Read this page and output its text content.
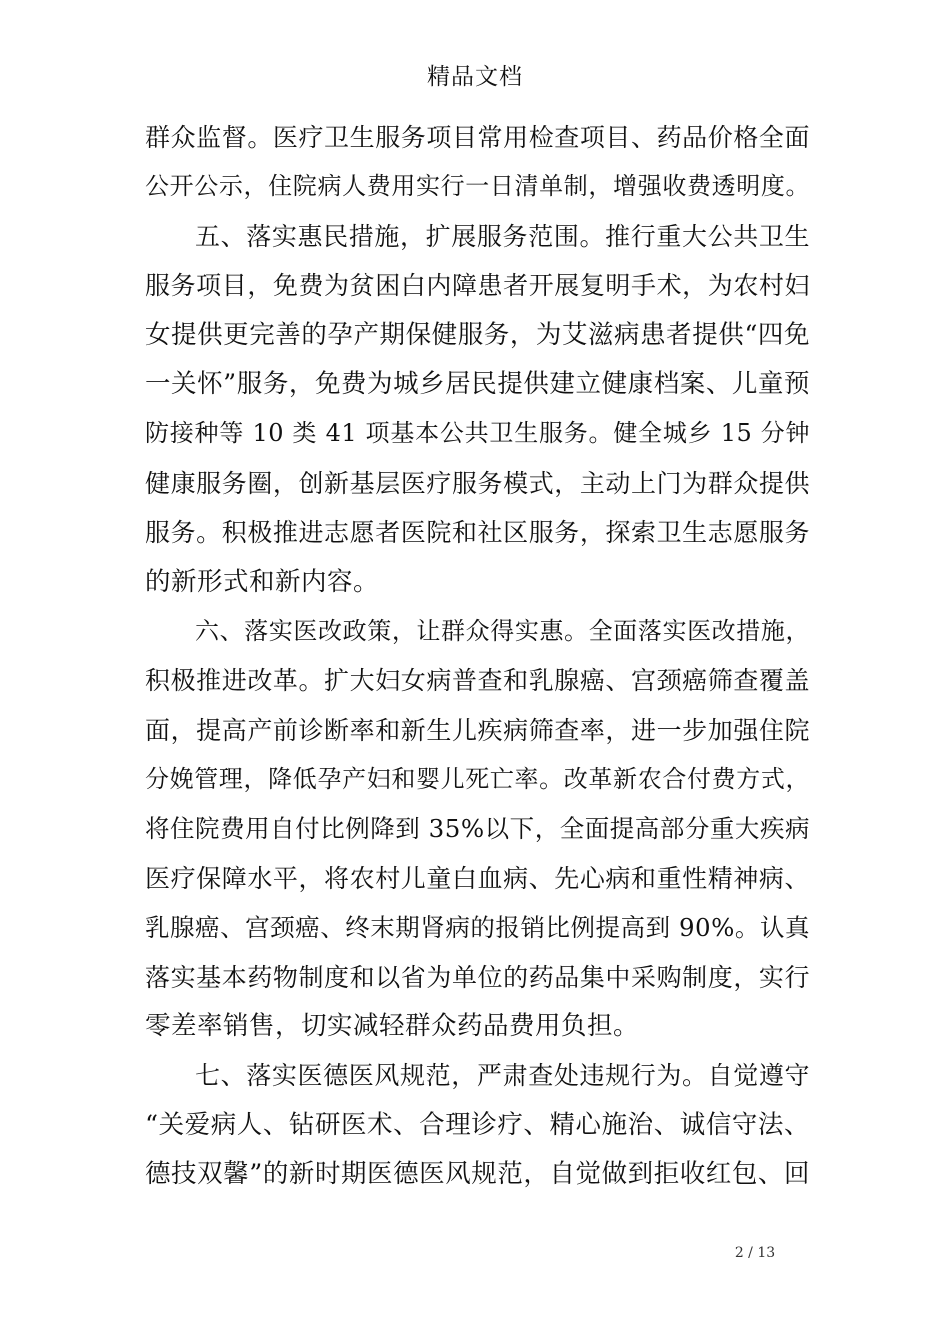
精品文档
群众监督。医疗卫生服务项目常用检查项目、药品价格全面
公开公示，住院病人费用实行一日清单制，增强收费透明度。
五、落实惠民措施，扩展服务范围。推行重大公共卫生
服务项目，免费为贫困白内障患者开展复明手术，为农村妇
女提供更完善的孕产期保健服务，为艾滋病患者提供“四免
一关怀”服务，免费为城乡居民提供建立健康档案、儿童预
防接种等 10 类 41 项基本公共卫生服务。健全城乡 15 分钟
健康服务圈，创新基层医疗服务模式，主动上门为群众提供
服务。积极推进志愿者医院和社区服务，探索卫生志愿服务
的新形式和新内容。
六、落实医改政策，让群众得实惠。全面落实医改措施，
积极推进改革。扩大妇女病普查和乳腺癌、宫颈癌筛查覆盖
面，提高产前诊断率和新生儿疾病筛查率，进一步加强住院
分娩管理，降低孕产妇和婴儿死亡率。改革新农合付费方式，
将住院费用自付比例降到 35%以下，全面提高部分重大疾病
医疗保障水平，将农村儿童白血病、先心病和重性精神病、
乳腺癌、宫颈癌、终末期肾病的报销比例提高到 90%。认真
落实基本药物制度和以省为单位的药品集中采购制度，实行
零差率销售，切实减轻群众药品费用负担。
七、落实医德医风规范，严肃查处违规行为。自觉遵守
“关爱病人、钻研医术、合理诊疗、精心施治、诚信守法、
德技双馨”的新时期医德医风规范，自觉做到拒收红包、回
2 / 13
